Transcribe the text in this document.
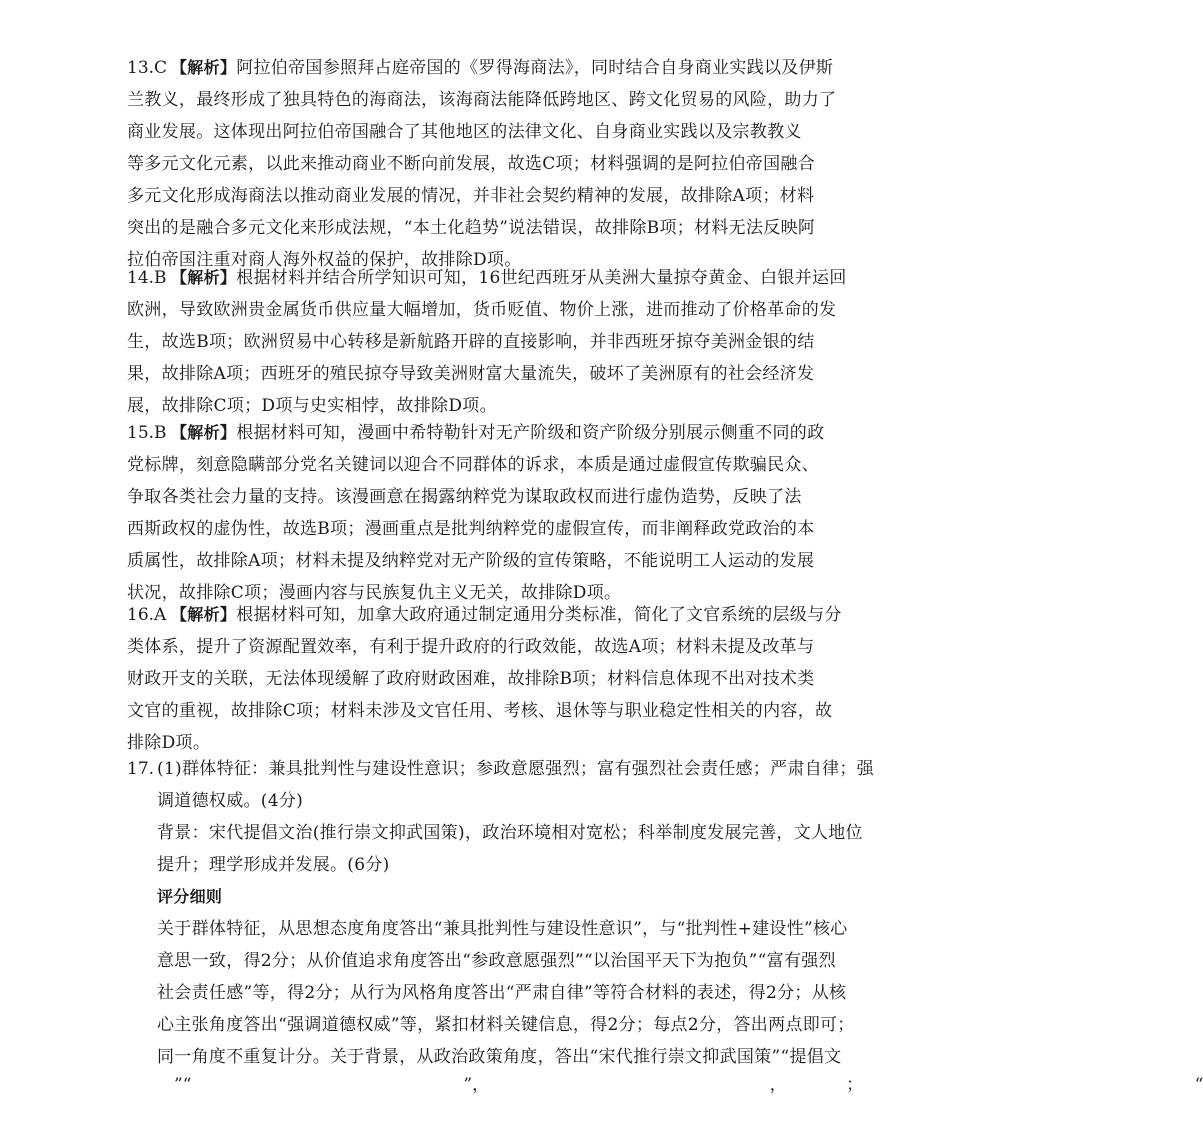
13.C 【解析】阿拉伯帝国参照拜占庭帝国的《罗得海商法》，同时结合自身商业实践以及伊斯
兰教义，最终形成了独具特色的海商法，该海商法能降低跨地区、跨文化贸易的风险，助力了
商业发展。这体现出阿拉伯帝国融合了其他地区的法律文化、自身商业实践以及宗教教义
等多元文化元素，以此来推动商业不断向前发展，故选C项；材料强调的是阿拉伯帝国融合
多元文化形成海商法以推动商业发展的情况，并非社会契约精神的发展，故排除A项；材料
突出的是融合多元文化来形成法规，“本土化趋势”说法错误，故排除B项；材料无法反映阿
拉伯帝国注重对商人海外权益的保护，故排除D项。
14.B 【解析】根据材料并结合所学知识可知，16世纪西班牙从美洲大量掠夺黄金、白银并运回
欧洲，导致欧洲贵金属货币供应量大幅增加，货币贬值、物价上涨，进而推动了价格革命的发
生，故选B项；欧洲贸易中心转移是新航路开辟的直接影响，并非西班牙掠夺美洲金银的结
果，故排除A项；西班牙的殖民掠夺导致美洲财富大量流失，破坏了美洲原有的社会经济发
展，故排除C项；D项与史实相悖，故排除D项。
15.B 【解析】根据材料可知，漫画中希特勒针对无产阶级和资产阶级分别展示侧重不同的政
党标牌，刻意隐瞒部分党名关键词以迎合不同群体的诉求，本质是通过虚假宣传欺骗民众、
争取各类社会力量的支持。该漫画意在揭露纳粹党为谋取政权而进行虚伪造势，反映了法
西斯政权的虚伪性，故选B项；漫画重点是批判纳粹党的虚假宣传，而非阐释政党政治的本
质属性，故排除A项；材料未提及纳粹党对无产阶级的宣传策略，不能说明工人运动的发展
状况，故排除C项；漫画内容与民族复仇主义无关，故排除D项。
16.A 【解析】根据材料可知，加拿大政府通过制定通用分类标准，简化了文官系统的层级与分
类体系，提升了资源配置效率，有利于提升政府的行政效能，故选A项；材料未提及改革与
财政开支的关联，无法体现缓解了政府财政困难，故排除B项；材料信息体现不出对技术类
文官的重视，故排除C项；材料未涉及文官任用、考核、退休等与职业稳定性相关的内容，故
排除D项。
17. (1)群体特征：兼具批判性与建设性意识；参政意愿强烈；富有强烈社会责任感；严肃自律；强
调道德权威。(4分)
背景：宋代提倡文治(推行崇文抑武国策)，政治环境相对宽松；科举制度发展完善，文人地位
提升；理学形成并发展。(6分)
评分细则
关于群体特征，从思想态度角度答出“兼具批判性与建设性意识”，与“批判性+建设性”核心
意思一致，得2分；从价值追求角度答出“参政意愿强烈”“以治国平天下为抱负”“富有强烈
社会责任感”等，得2分；从行为风格角度答出“严肃自律”等符合材料的表述，得2分；从核
心主张角度答出“强调道德权威”等，紧扣材料关键信息，得2分；每点2分，答出两点即可；
同一角度不重复计分。关于背景，从政治政策角度，答出“宋代推行崇文抑武国策”“提倡文
　”“　　　　　　　　　　　　　　　　”，　　　　　　　　　　　　　　　　　，　　　　；　　　　　　　　　　　　　　　　　　　　“
